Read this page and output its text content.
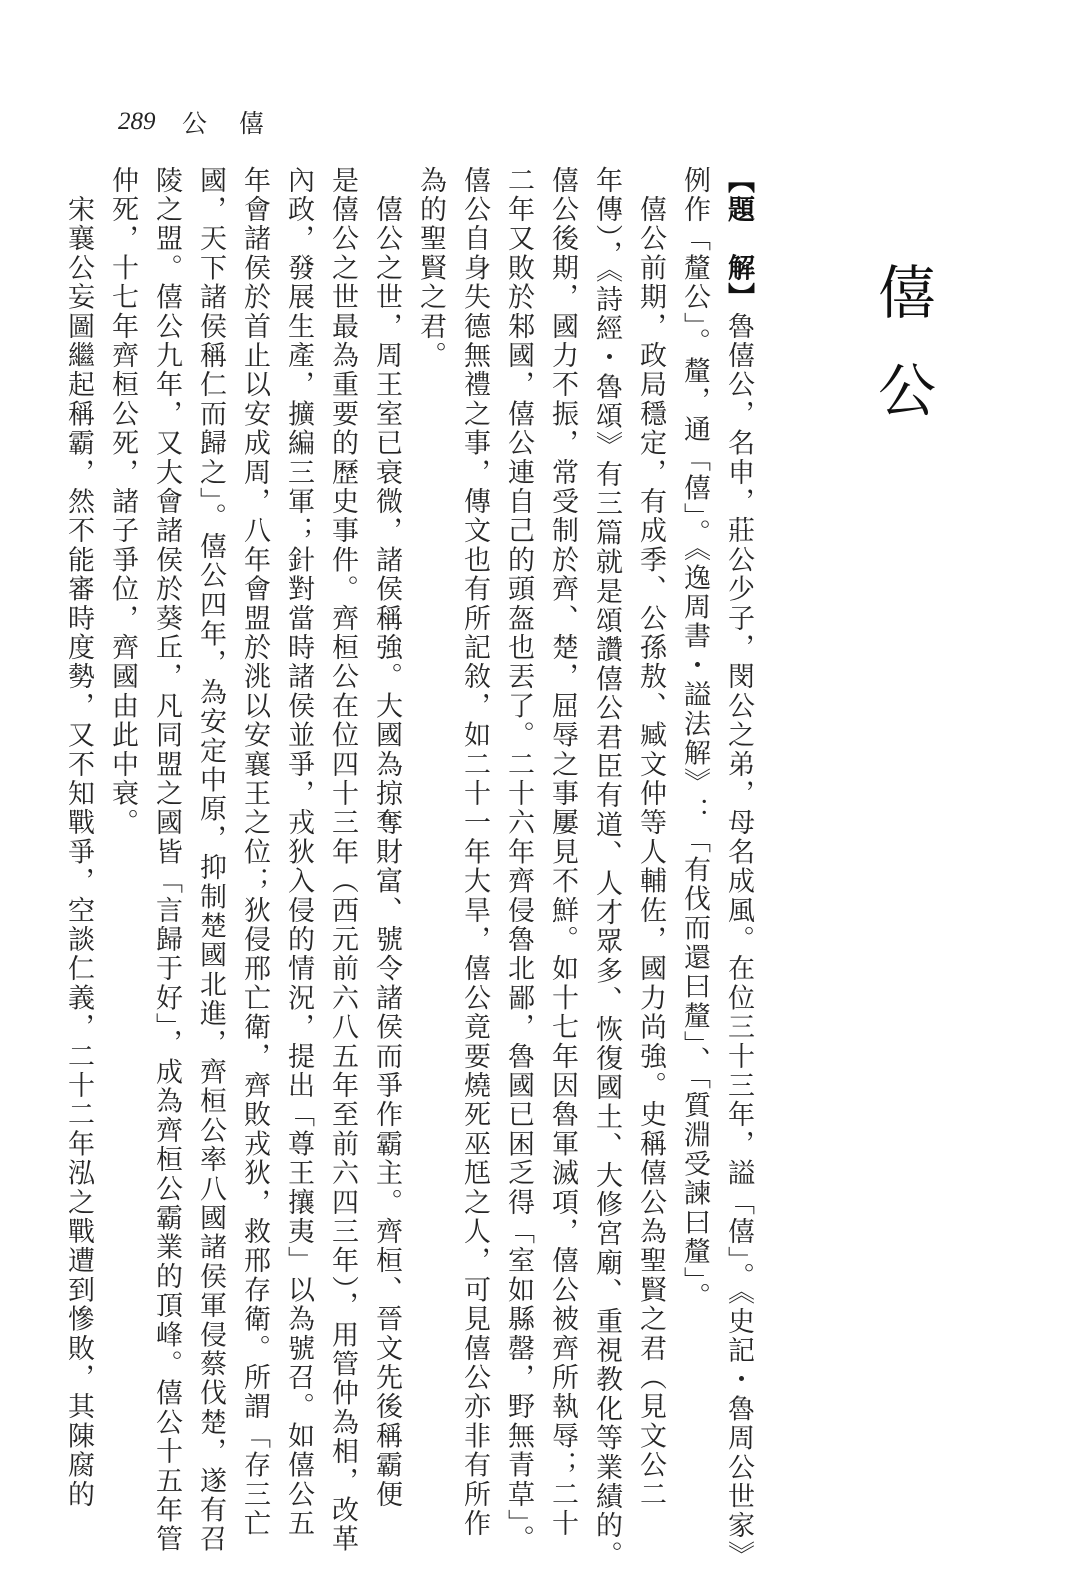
289 公 僖
僖公
【題　解】魯僖公，名申，莊公少子，閔公之弟，母名成風。在位三十三年，謚「僖」。《史記・魯周公世家》
例作「釐公」。釐，通「僖」。《逸周書・謚法解》：「有伐而還曰釐」、「質淵受諫曰釐」。
　僖公前期，政局穩定，有成季、公孫敖、臧文仲等人輔佐，國力尚強。史稱僖公為聖賢之君（見文公二
年傳），《詩經・魯頌》有三篇就是頌讚僖公君臣有道、人才眾多、恢復國土、大修宮廟、重視教化等業績的。
僖公後期，國力不振，常受制於齊、楚，屈辱之事屢見不鮮。如十七年因魯軍滅項，僖公被齊所執辱；二十
二年又敗於邾國，僖公連自己的頭盔也丟了。二十六年齊侵魯北鄙，魯國已困乏得「室如縣罄，野無青草」。
僖公自身失德無禮之事，傳文也有所記敘，如二十一年大旱，僖公竟要燒死巫尪之人，可見僖公亦非有所作
為的聖賢之君。
　僖公之世，周王室已衰微，諸侯稱強。大國為掠奪財富、號令諸侯而爭作霸主。齊桓、晉文先後稱霸便
是僖公之世最為重要的歷史事件。齊桓公在位四十三年（西元前六八五年至前六四三年），用管仲為相，改革
內政，發展生產，擴編三軍；針對當時諸侯並爭，戎狄入侵的情況，提出「尊王攘夷」以為號召。如僖公五
年會諸侯於首止以安成周，八年會盟於洮以安襄王之位；狄侵邢亡衛，齊敗戎狄，救邢存衛。所謂「存三亡
國，天下諸侯稱仁而歸之」。僖公四年，為安定中原，抑制楚國北進，齊桓公率八國諸侯軍侵蔡伐楚，遂有召
陵之盟。僖公九年，又大會諸侯於葵丘，凡同盟之國皆「言歸于好」，成為齊桓公霸業的頂峰。僖公十五年管
仲死，十七年齊桓公死，諸子爭位，齊國由此中衰。
　宋襄公妄圖繼起稱霸，然不能審時度勢，又不知戰爭，空談仁義，二十二年泓之戰遭到慘敗，其陳腐的
